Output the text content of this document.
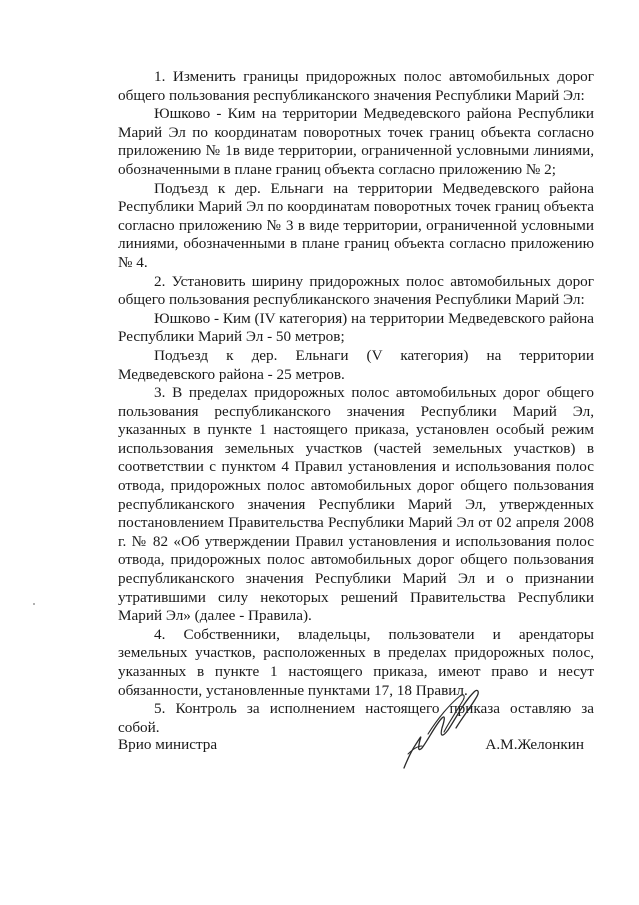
1. Изменить границы придорожных полос автомобильных дорог общего пользования республиканского значения Республики Марий Эл:

Юшково - Ким на территории Медведевского района Республики Марий Эл по координатам поворотных точек границ объекта согласно приложению № 1в виде территории, ограниченной условными линиями, обозначенными в плане границ объекта согласно приложению № 2;

Подъезд к дер. Ельнаги на территории Медведевского района Республики Марий Эл по координатам поворотных точек границ объекта согласно приложению № 3 в виде территории, ограниченной условными линиями, обозначенными в плане границ объекта согласно приложению № 4.

2. Установить ширину придорожных полос автомобильных дорог общего пользования республиканского значения Республики Марий Эл:

Юшково - Ким (IV категория) на территории Медведевского района Республики Марий Эл - 50 метров;

Подъезд к дер. Ельнаги (V категория) на территории Медведевского района - 25 метров.

3. В пределах придорожных полос автомобильных дорог общего пользования республиканского значения Республики Марий Эл, указанных в пункте 1 настоящего приказа, установлен особый режим использования земельных участков (частей земельных участков) в соответствии с пунктом 4 Правил установления и использования полос отвода, придорожных полос автомобильных дорог общего пользования республиканского значения Республики Марий Эл, утвержденных постановлением Правительства Республики Марий Эл от 02 апреля 2008 г. № 82 «Об утверждении Правил установления и использования полос отвода, придорожных полос автомобильных дорог общего пользования республиканского значения Республики Марий Эл и о признании утратившими силу некоторых решений Правительства Республики Марий Эл» (далее - Правила).

4. Собственники, владельцы, пользователи и арендаторы земельных участков, расположенных в пределах придорожных полос, указанных в пункте 1 настоящего приказа, имеют право и несут обязанности, установленные пунктами 17, 18 Правил.

5. Контроль за исполнением настоящего приказа оставляю за собой.

Врио министра	А.М.Желонкин
